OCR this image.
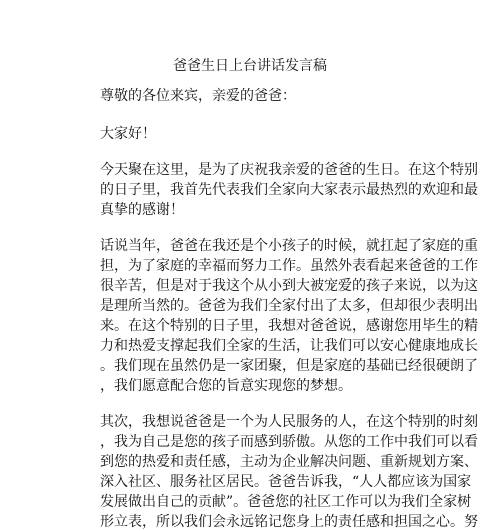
爸爸生日上台讲话发言稿
尊敬的各位来宾，亲爱的爸爸：
大家好！
今天聚在这里，是为了庆祝我亲爱的爸爸的生日。在这个特别
的日子里，我首先代表我们全家向大家表示最热烈的欢迎和最
真挚的感谢！
话说当年，爸爸在我还是个小孩子的时候，就扛起了家庭的重
担，为了家庭的幸福而努力工作。虽然外表看起来爸爸的工作
很辛苦，但是对于我这个从小到大被宠爱的孩子来说，以为这
是理所当然的。爸爸为我们全家付出了太多，但却很少表明出
来。在这个特别的日子里，我想对爸爸说，感谢您用毕生的精
力和热爱支撑起我们全家的生活，让我们可以安心健康地成长
。我们现在虽然仍是一家团聚，但是家庭的基础已经很硬朗了
，我们愿意配合您的旨意实现您的梦想。
其次，我想说爸爸是一个为人民服务的人，在这个特别的时刻
，我为自己是您的孩子而感到骄傲。从您的工作中我们可以看
到您的热爱和责任感，主动为企业解决问题、重新规划方案、
深入社区、服务社区居民。爸爸告诉我，“人人都应该为国家
发展做出自己的贡献”。爸爸您的社区工作可以为我们全家树
形立表，所以我们会永远铭记您身上的责任感和担国之心。努
